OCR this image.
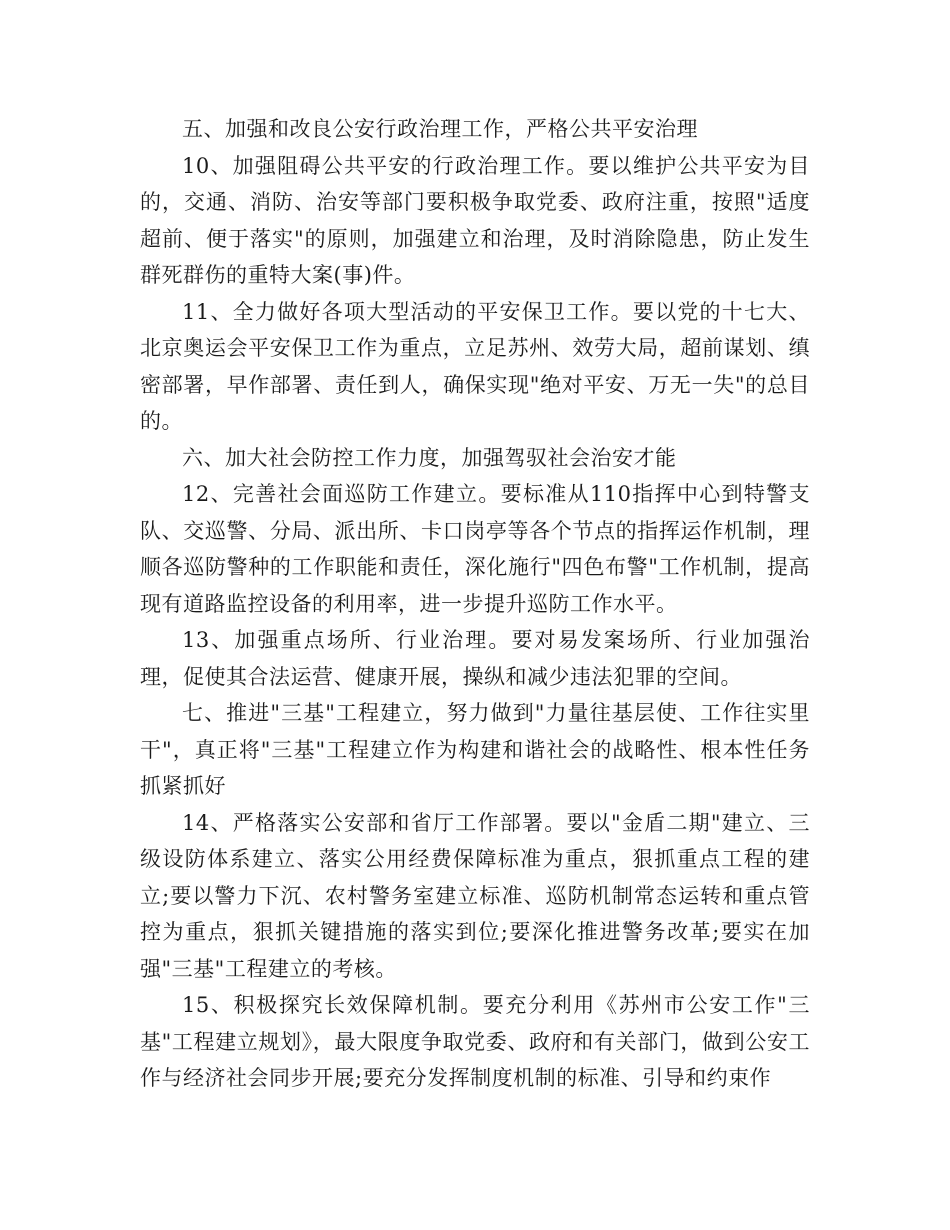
五、加强和改良公安行政治理工作，严格公共平安治理

10、加强阻碍公共平安的行政治理工作。要以维护公共平安为目的，交通、消防、治安等部门要积极争取党委、政府注重，按照"适度超前、便于落实"的原则，加强建立和治理，及时消除隐患，防止发生群死群伤的重特大案(事)件。

11、全力做好各项大型活动的平安保卫工作。要以党的十七大、北京奥运会平安保卫工作为重点，立足苏州、效劳大局，超前谋划、缜密部署，早作部署、责任到人，确保实现"绝对平安、万无一失"的总目的。

六、加大社会防控工作力度，加强驾驭社会治安才能

12、完善社会面巡防工作建立。要标准从110指挥中心到特警支队、交巡警、分局、派出所、卡口岗亭等各个节点的指挥运作机制，理顺各巡防警种的工作职能和责任，深化施行"四色布警"工作机制，提高现有道路监控设备的利用率，进一步提升巡防工作水平。

13、加强重点场所、行业治理。要对易发案场所、行业加强治理，促使其合法运营、健康开展，操纵和减少违法犯罪的空间。

七、推进"三基"工程建立，努力做到"力量往基层使、工作往实里干"，真正将"三基"工程建立作为构建和谐社会的战略性、根本性任务抓紧抓好

14、严格落实公安部和省厅工作部署。要以"金盾二期"建立、三级设防体系建立、落实公用经费保障标准为重点，狠抓重点工程的建立;要以警力下沉、农村警务室建立标准、巡防机制常态运转和重点管控为重点，狠抓关键措施的落实到位;要深化推进警务改革;要实在加强"三基"工程建立的考核。

15、积极探究长效保障机制。要充分利用《苏州市公安工作"三基"工程建立规划》，最大限度争取党委、政府和有关部门，做到公安工作与经济社会同步开展;要充分发挥制度机制的标准、引导和约束作
